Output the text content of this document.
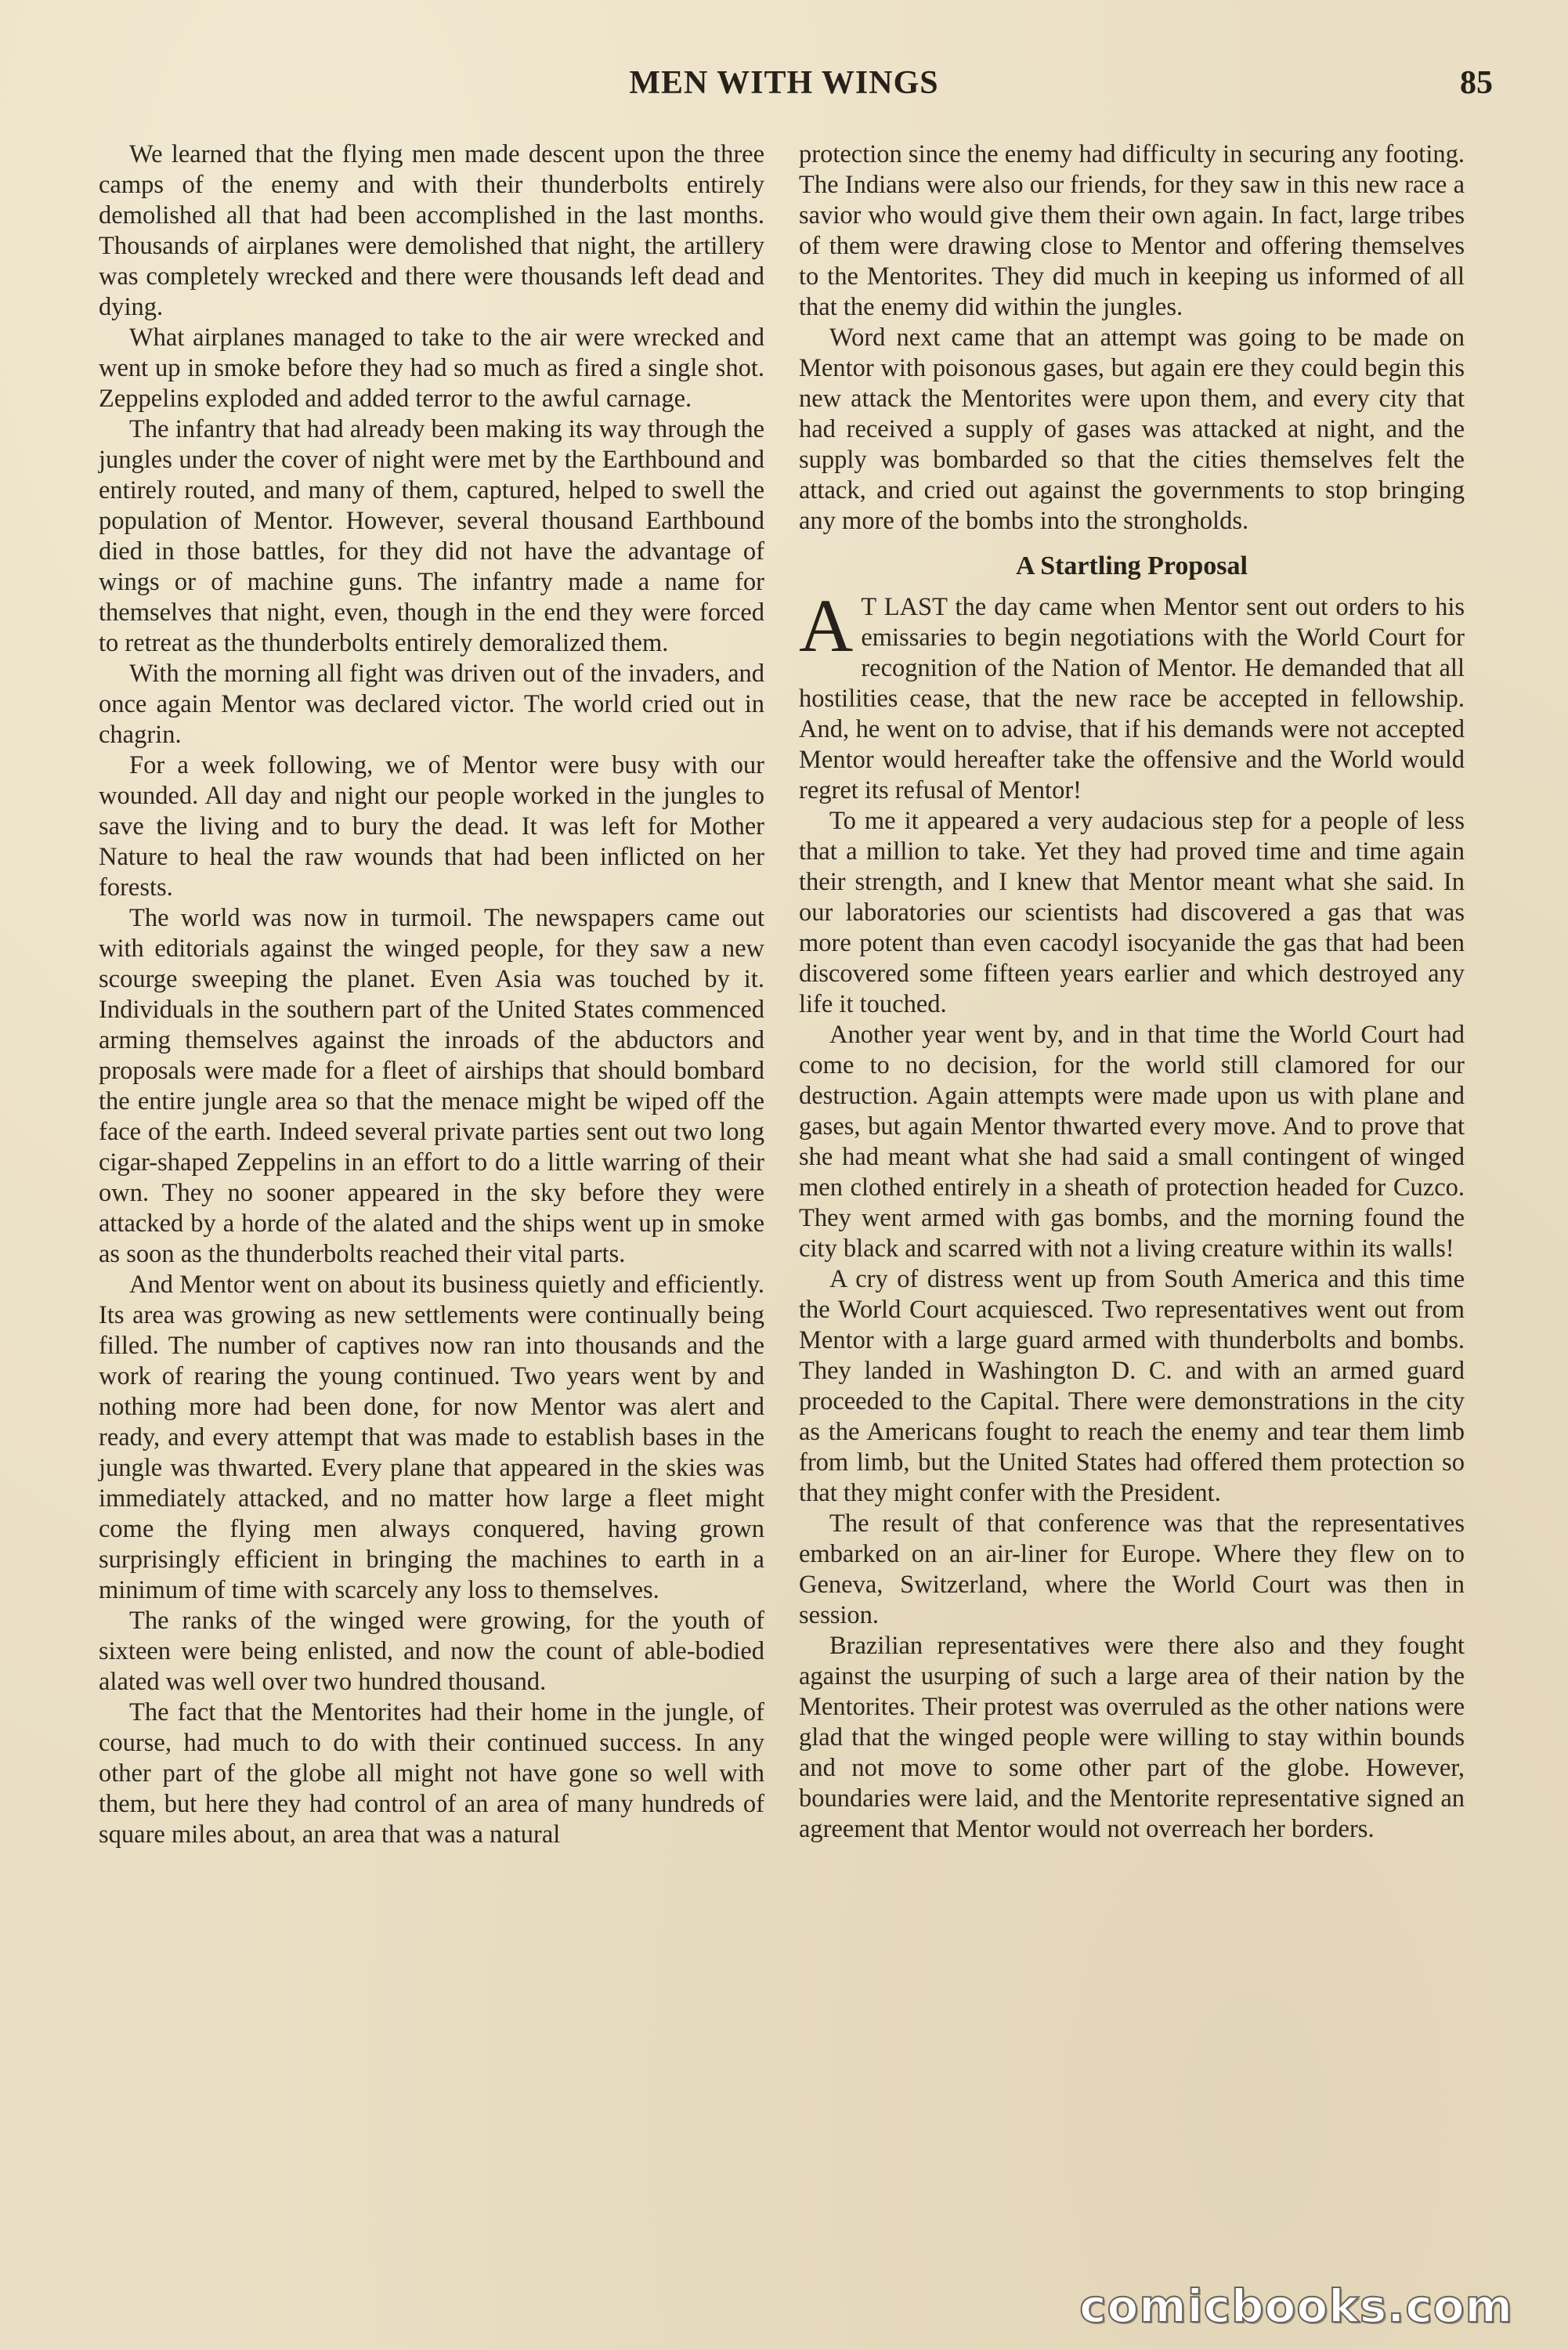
MEN WITH WINGS	85

We learned that the flying men made descent upon the three camps of the enemy and with their thunderbolts entirely demolished all that had been accomplished in the last months. Thousands of airplanes were demolished that night, the artillery was completely wrecked and there were thousands left dead and dying.

What airplanes managed to take to the air were wrecked and went up in smoke before they had so much as fired a single shot. Zeppelins exploded and added terror to the awful carnage.

The infantry that had already been making its way through the jungles under the cover of night were met by the Earthbound and entirely routed, and many of them, captured, helped to swell the population of Mentor. However, several thousand Earthbound died in those battles, for they did not have the advantage of wings or of machine guns. The infantry made a name for themselves that night, even, though in the end they were forced to retreat as the thunderbolts entirely demoralized them.

With the morning all fight was driven out of the invaders, and once again Mentor was declared victor. The world cried out in chagrin.

For a week following, we of Mentor were busy with our wounded. All day and night our people worked in the jungles to save the living and to bury the dead. It was left for Mother Nature to heal the raw wounds that had been inflicted on her forests.

The world was now in turmoil. The newspapers came out with editorials against the winged people, for they saw a new scourge sweeping the planet. Even Asia was touched by it. Individuals in the southern part of the United States commenced arming themselves against the inroads of the abductors and proposals were made for a fleet of airships that should bombard the entire jungle area so that the menace might be wiped off the face of the earth. Indeed several private parties sent out two long cigar-shaped Zeppelins in an effort to do a little warring of their own. They no sooner appeared in the sky before they were attacked by a horde of the alated and the ships went up in smoke as soon as the thunderbolts reached their vital parts.

And Mentor went on about its business quietly and efficiently. Its area was growing as new settlements were continually being filled. The number of captives now ran into thousands and the work of rearing the young continued. Two years went by and nothing more had been done, for now Mentor was alert and ready, and every attempt that was made to establish bases in the jungle was thwarted. Every plane that appeared in the skies was immediately attacked, and no matter how large a fleet might come the flying men always conquered, having grown surprisingly efficient in bringing the machines to earth in a minimum of time with scarcely any loss to themselves.

The ranks of the winged were growing, for the youth of sixteen were being enlisted, and now the count of able-bodied alated was well over two hundred thousand.

The fact that the Mentorites had their home in the jungle, of course, had much to do with their continued success. In any other part of the globe all might not have gone so well with them, but here they had control of an area of many hundreds of square miles about, an area that was a natural

protection since the enemy had difficulty in securing any footing. The Indians were also our friends, for they saw in this new race a savior who would give them their own again. In fact, large tribes of them were drawing close to Mentor and offering themselves to the Mentorites. They did much in keeping us informed of all that the enemy did within the jungles.

Word next came that an attempt was going to be made on Mentor with poisonous gases, but again ere they could begin this new attack the Mentorites were upon them, and every city that had received a supply of gases was attacked at night, and the supply was bombarded so that the cities themselves felt the attack, and cried out against the governments to stop bringing any more of the bombs into the strongholds.

A Startling Proposal

A T LAST the day came when Mentor sent out orders to his emissaries to begin negotiations with the World Court for recognition of the Nation of Mentor. He demanded that all hostilities cease, that the new race be accepted in fellowship. And, he went on to advise, that if his demands were not accepted Mentor would hereafter take the offensive and the World would regret its refusal of Mentor!

To me it appeared a very audacious step for a people of less that a million to take. Yet they had proved time and time again their strength, and I knew that Mentor meant what she said. In our laboratories our scientists had discovered a gas that was more potent than even cacodyl isocyanide the gas that had been discovered some fifteen years earlier and which destroyed any life it touched.

Another year went by, and in that time the World Court had come to no decision, for the world still clamored for our destruction. Again attempts were made upon us with plane and gases, but again Mentor thwarted every move. And to prove that she had meant what she had said a small contingent of winged men clothed entirely in a sheath of protection headed for Cuzco. They went armed with gas bombs, and the morning found the city black and scarred with not a living creature within its walls!

A cry of distress went up from South America and this time the World Court acquiesced. Two representatives went out from Mentor with a large guard armed with thunderbolts and bombs. They landed in Washington D. C. and with an armed guard proceeded to the Capital. There were demonstrations in the city as the Americans fought to reach the enemy and tear them limb from limb, but the United States had offered them protection so that they might confer with the President.

The result of that conference was that the representatives embarked on an air-liner for Europe. Where they flew on to Geneva, Switzerland, where the World Court was then in session.

Brazilian representatives were there also and they fought against the usurping of such a large area of their nation by the Mentorites. Their protest was overruled as the other nations were glad that the winged people were willing to stay within bounds and not move to some other part of the globe. However, boundaries were laid, and the Mentorite representative signed an agreement that Mentor would not overreach her borders.

comicbooks.com
